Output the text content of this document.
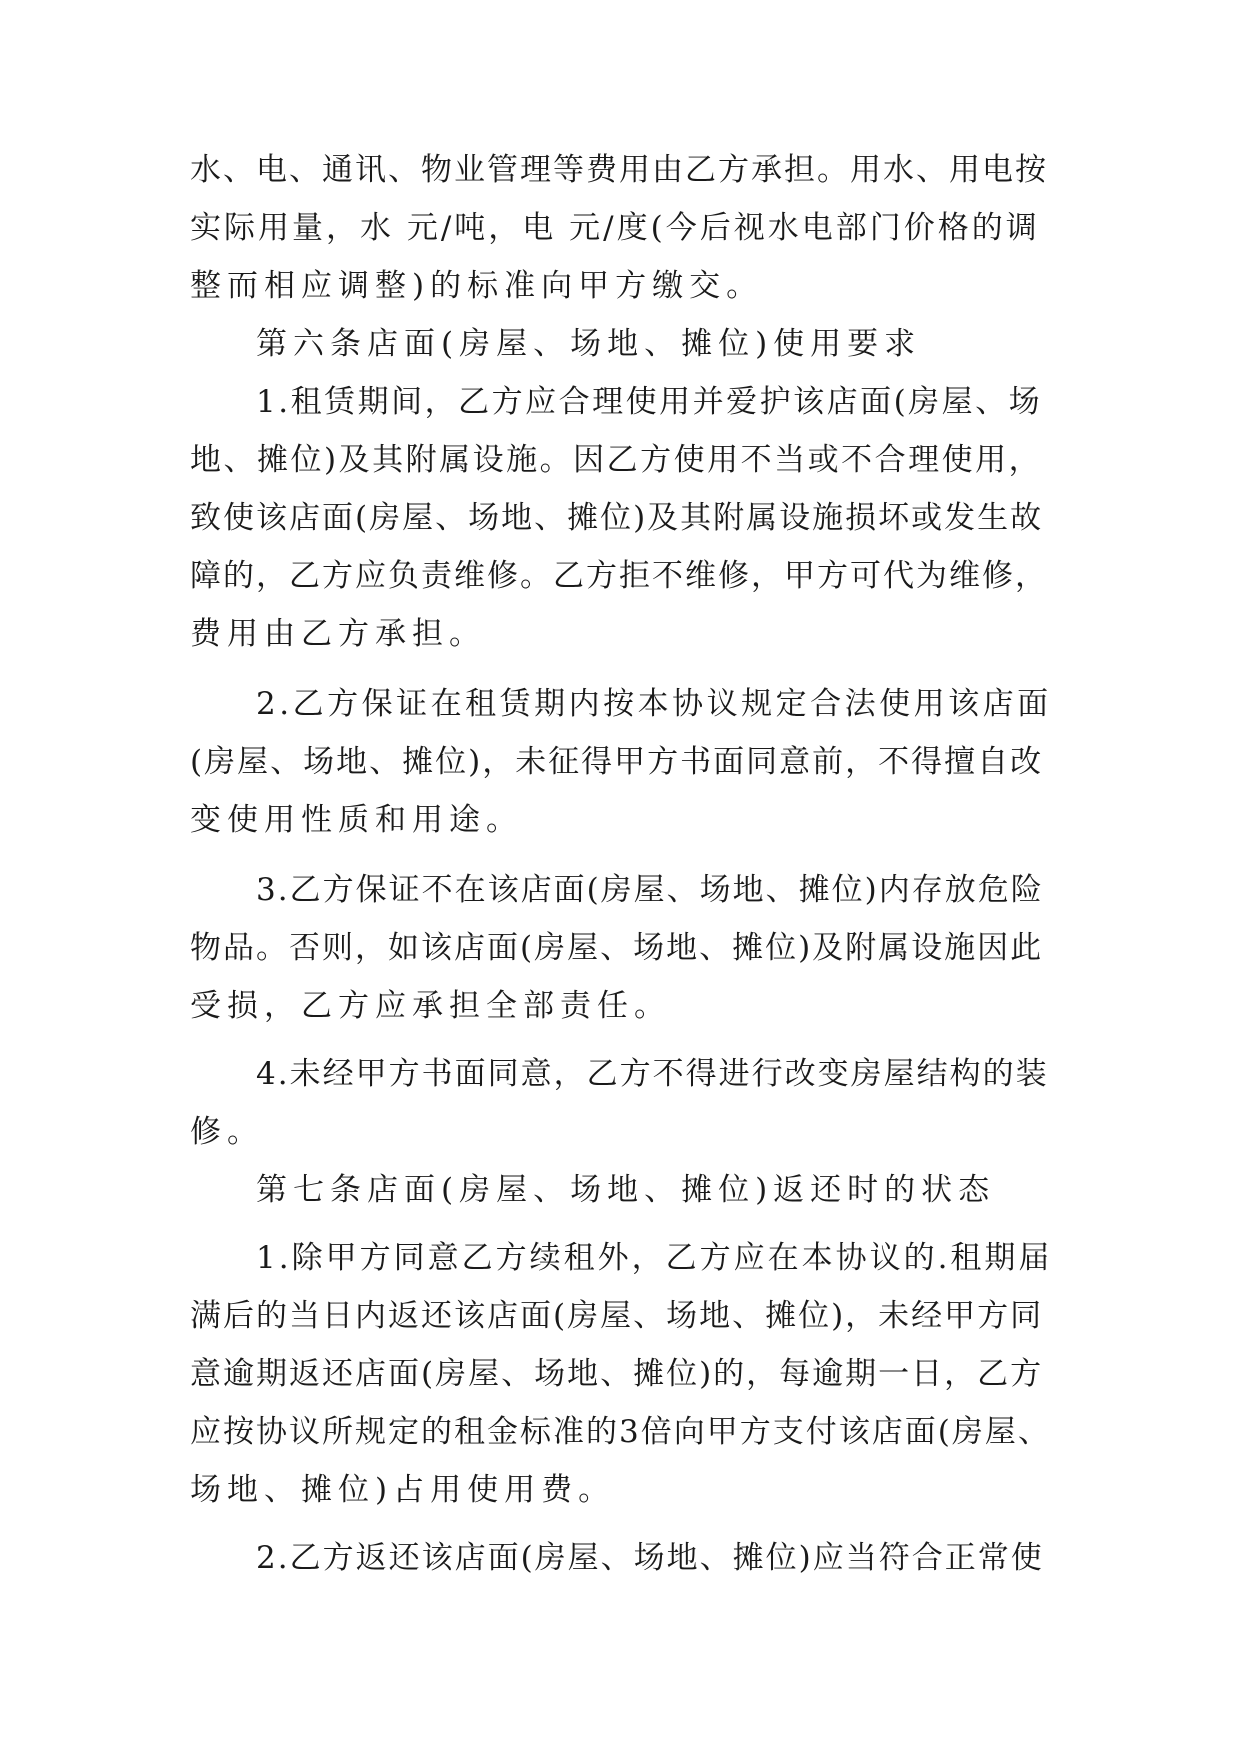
水、电、通讯、物业管理等费用由乙方承担。用水、用电按
实际用量，水 元/吨，电 元/度(今后视水电部门价格的调
整而相应调整)的标准向甲方缴交。
第六条店面(房屋、场地、摊位)使用要求
1.租赁期间，乙方应合理使用并爱护该店面(房屋、场
地、摊位)及其附属设施。因乙方使用不当或不合理使用，
致使该店面(房屋、场地、摊位)及其附属设施损坏或发生故
障的，乙方应负责维修。乙方拒不维修，甲方可代为维修，
费用由乙方承担。
2.乙方保证在租赁期内按本协议规定合法使用该店面
(房屋、场地、摊位)，未征得甲方书面同意前，不得擅自改
变使用性质和用途。
3.乙方保证不在该店面(房屋、场地、摊位)内存放危险
物品。否则，如该店面(房屋、场地、摊位)及附属设施因此
受损，乙方应承担全部责任。
4.未经甲方书面同意，乙方不得进行改变房屋结构的装
修。
第七条店面(房屋、场地、摊位)返还时的状态
1.除甲方同意乙方续租外，乙方应在本协议的.租期届
满后的当日内返还该店面(房屋、场地、摊位)，未经甲方同
意逾期返还店面(房屋、场地、摊位)的，每逾期一日，乙方
应按协议所规定的租金标准的3倍向甲方支付该店面(房屋、
场地、摊位)占用使用费。
2.乙方返还该店面(房屋、场地、摊位)应当符合正常使
